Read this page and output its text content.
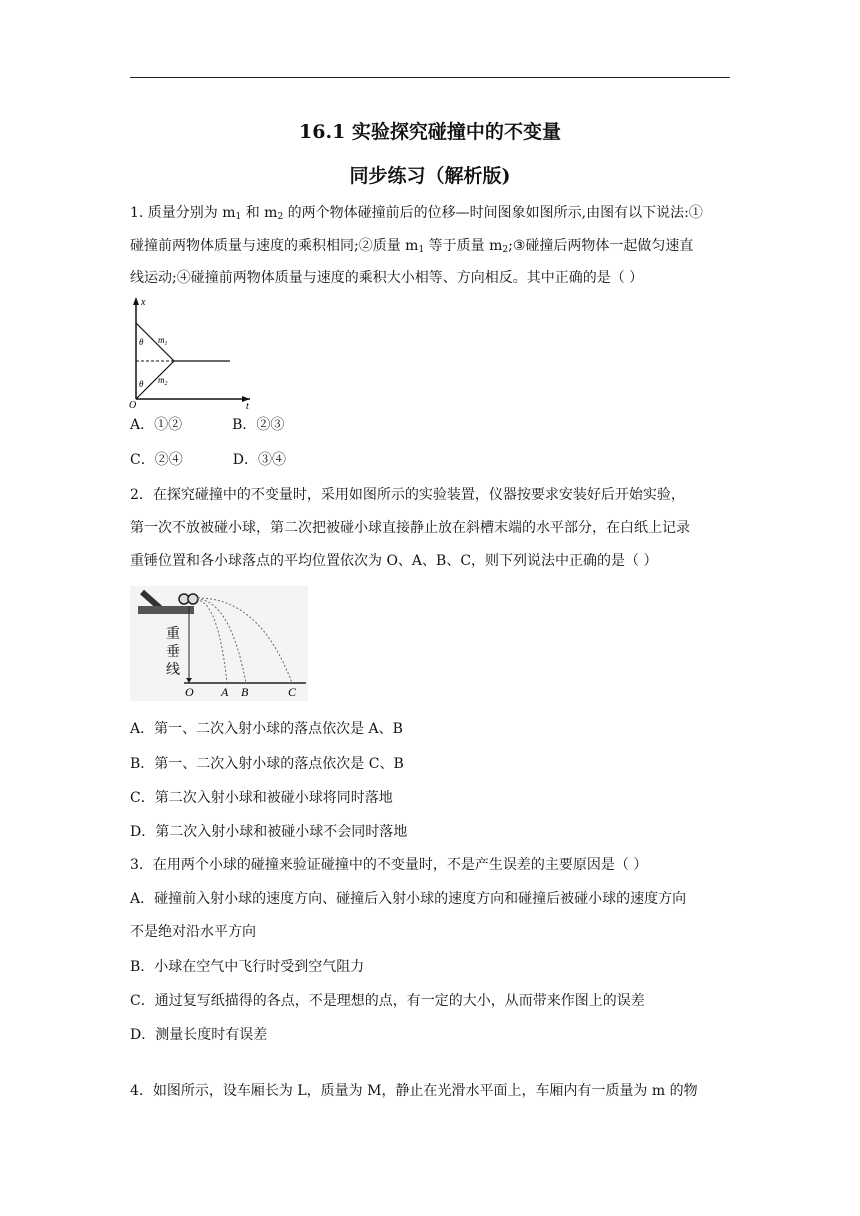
16.1 实验探究碰撞中的不变量
同步练习（解析版)
1. 质量分别为 $m_1$ 和 $m_2$ 的两个物体碰撞前后的位移—时间图象如图所示,由图有以下说法:①
碰撞前两物体质量与速度的乘积相同;②质量 $m_1$ 等于质量 $m_2;③$碰撞后两物体一起做匀速直
线运动;④碰撞前两物体质量与速度的乘积大小相等、方向相反。其中正确的是（ ）
x
O	t
θ
θ
$m_1$
$m_2$
A．①②	B．②③
C．②④	D．③④
2．在探究碰撞中的不变量时，采用如图所示的实验装置，仪器按要求安装好后开始实验，
第一次不放被碰小球，第二次把被碰小球直接静止放在斜槽末端的水平部分，在白纸上记录
重锤位置和各小球落点的平均位置依次为 O、A、B、C，则下列说法中正确的是（ ）
重
垂
线
O A B	C
A．第一、二次入射小球的落点依次是 A、B
B．第一、二次入射小球的落点依次是 C、B
C．第二次入射小球和被碰小球将同时落地
D．第二次入射小球和被碰小球不会同时落地
3．在用两个小球的碰撞来验证碰撞中的不变量时，不是产生误差的主要原因是（ ）
A．碰撞前入射小球的速度方向、碰撞后入射小球的速度方向和碰撞后被碰小球的速度方向
不是绝对沿水平方向
B．小球在空气中飞行时受到空气阻力
C．通过复写纸描得的各点，不是理想的点，有一定的大小，从而带来作图上的误差
D．测量长度时有误差
4．如图所示，设车厢长为 L，质量为 M，静止在光滑水平面上，车厢内有一质量为 m 的物
